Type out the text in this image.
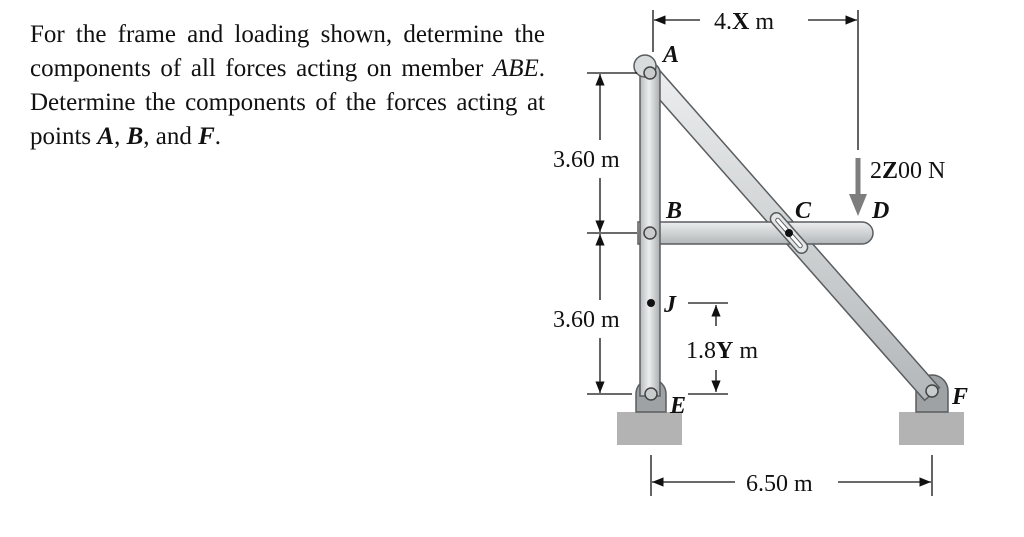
For the frame and loading shown, determine the components of all forces acting on member ABE. Determine the components of the forces acting at points A, B, and F.

A
B	C	D
E	F
J
2Z00 N
4.X m
3.60 m
3.60 m
1.8Y m
6.50 m
